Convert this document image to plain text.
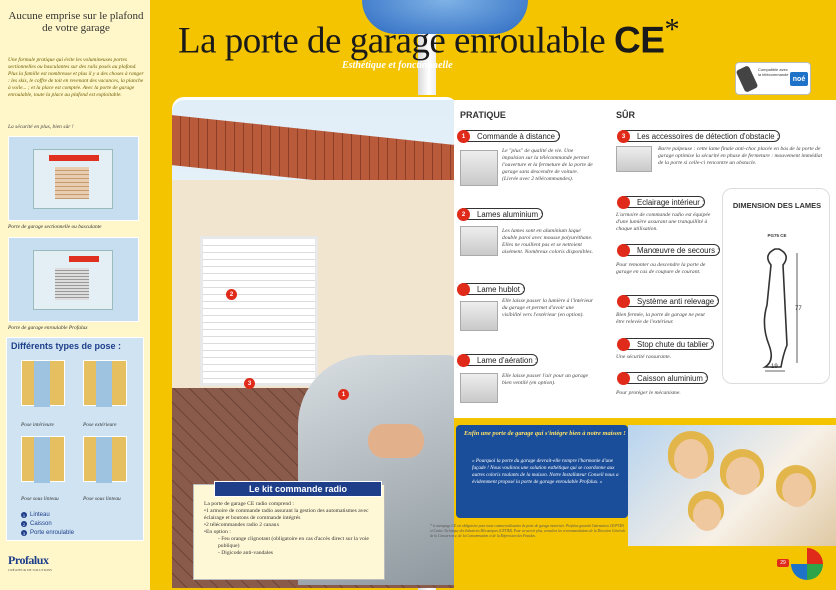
Aucune emprise sur le plafond de votre garage
Une formule pratique qui évite les volumineuses portes sectionnelles ou basculantes sur des rails posés au plafond. Plus la famille est nombreuse et plus il y a des choses à ranger : les skis, le coffre de toit en revenant des vacances, la planche à voile... ; et la place est comptée. Avec la porte de garage enroulable, toute la place au plafond est exploitable.
La sécurité en plus, bien sûr !
Porte de garage sectionnelle ou basculante
Porte de garage enroulable Profalux
Différents types de pose :
Pose intérieure	Pose extérieure
Pose sous linteau	Pose sous linteau
1 Linteau
2 Caisson
3 Porte enroulable
Profalux
CRÉATEUR DE SOLUTIONS
La porte de garage enroulable CE*
Esthétique et fonctionnelle	Compatible avec la télécommande
noé
2
3
1
PRATIQUE	SÛR
1	Commande à distance :
Le "plus" de qualité de vie. Une impulsion sur la télécommande permet l'ouverture et la fermeture de la porte de garage sans descendre de voiture. (Livrée avec 2 télécommandes).
2	Lames aluminium :
Les lames sont en aluminium laqué double paroi avec mousse polyuréthane. Elles ne rouillent pas et se nettoient aisément. Nombreux coloris disponibles.
Lame hublot :
Elle laisse passer la lumière à l'intérieur du garage et permet d'avoir une visibilité vers l'extérieur (en option).
Lame d'aération :
Elle laisse passer l'air pour un garage bien ventilé (en option).
3	Les accessoires de détection d'obstacle :
Barre palpeuse : cette lame finale anti-choc placée en bas de la porte de garage optimise la sécurité en phase de fermeture : mouvement immédiat de la porte si celle-ci rencontre un obstacle.
Eclairage intérieur :
L'armoire de commande radio est équipée d'une lumière assurant une tranquillité à chaque utilisation.
Manœuvre de secours :
Pour remonter ou descendre la porte de garage en cas de coupure de courant.
Système anti relevage :
Bien fermée, la porte de garage ne peut être relevée de l'extérieur.
Stop chute du tablier :
Une sécurité rassurante.
Caisson aluminium :
Pour protéger le mécanisme.
DIMENSION DES LAMES
PG75 CE
77
19
Le kit commande radio
La porte de garage CE radio comprend :
• 1 armoire de commande radio assurant la gestion des automatismes avec éclairage et boutons de commande intégrés
• 2 télécommandes radio 2 canaux
• En option :
- Feu orange clignotant (obligatoire en cas d'accès direct sur la voie publique)
- Digicode anti-vandales
Enfin une porte de garage qui s'intègre bien à notre maison !
« Pourquoi la porte du garage devrait-elle rompre l'harmonie d'une façade ! Nous voulions une solution esthétique qui se coordonne aux autres coloris roulants de la maison. Notre Installateur Conseil nous a évidemment proposé la porte de garage enroulable Profalux. »
* le marquage CE est obligatoire pour toute commercialisation de porte de garage motorisée. Profalux garantit l'attestation CE/PTRA et Centre Technique des Industries Mécaniques (CETIM). Pour en savoir plus, consultez les recommandations de la Direction Générale de la Concurrence, de la Consommation et de la Répression des Fraudes.
29
